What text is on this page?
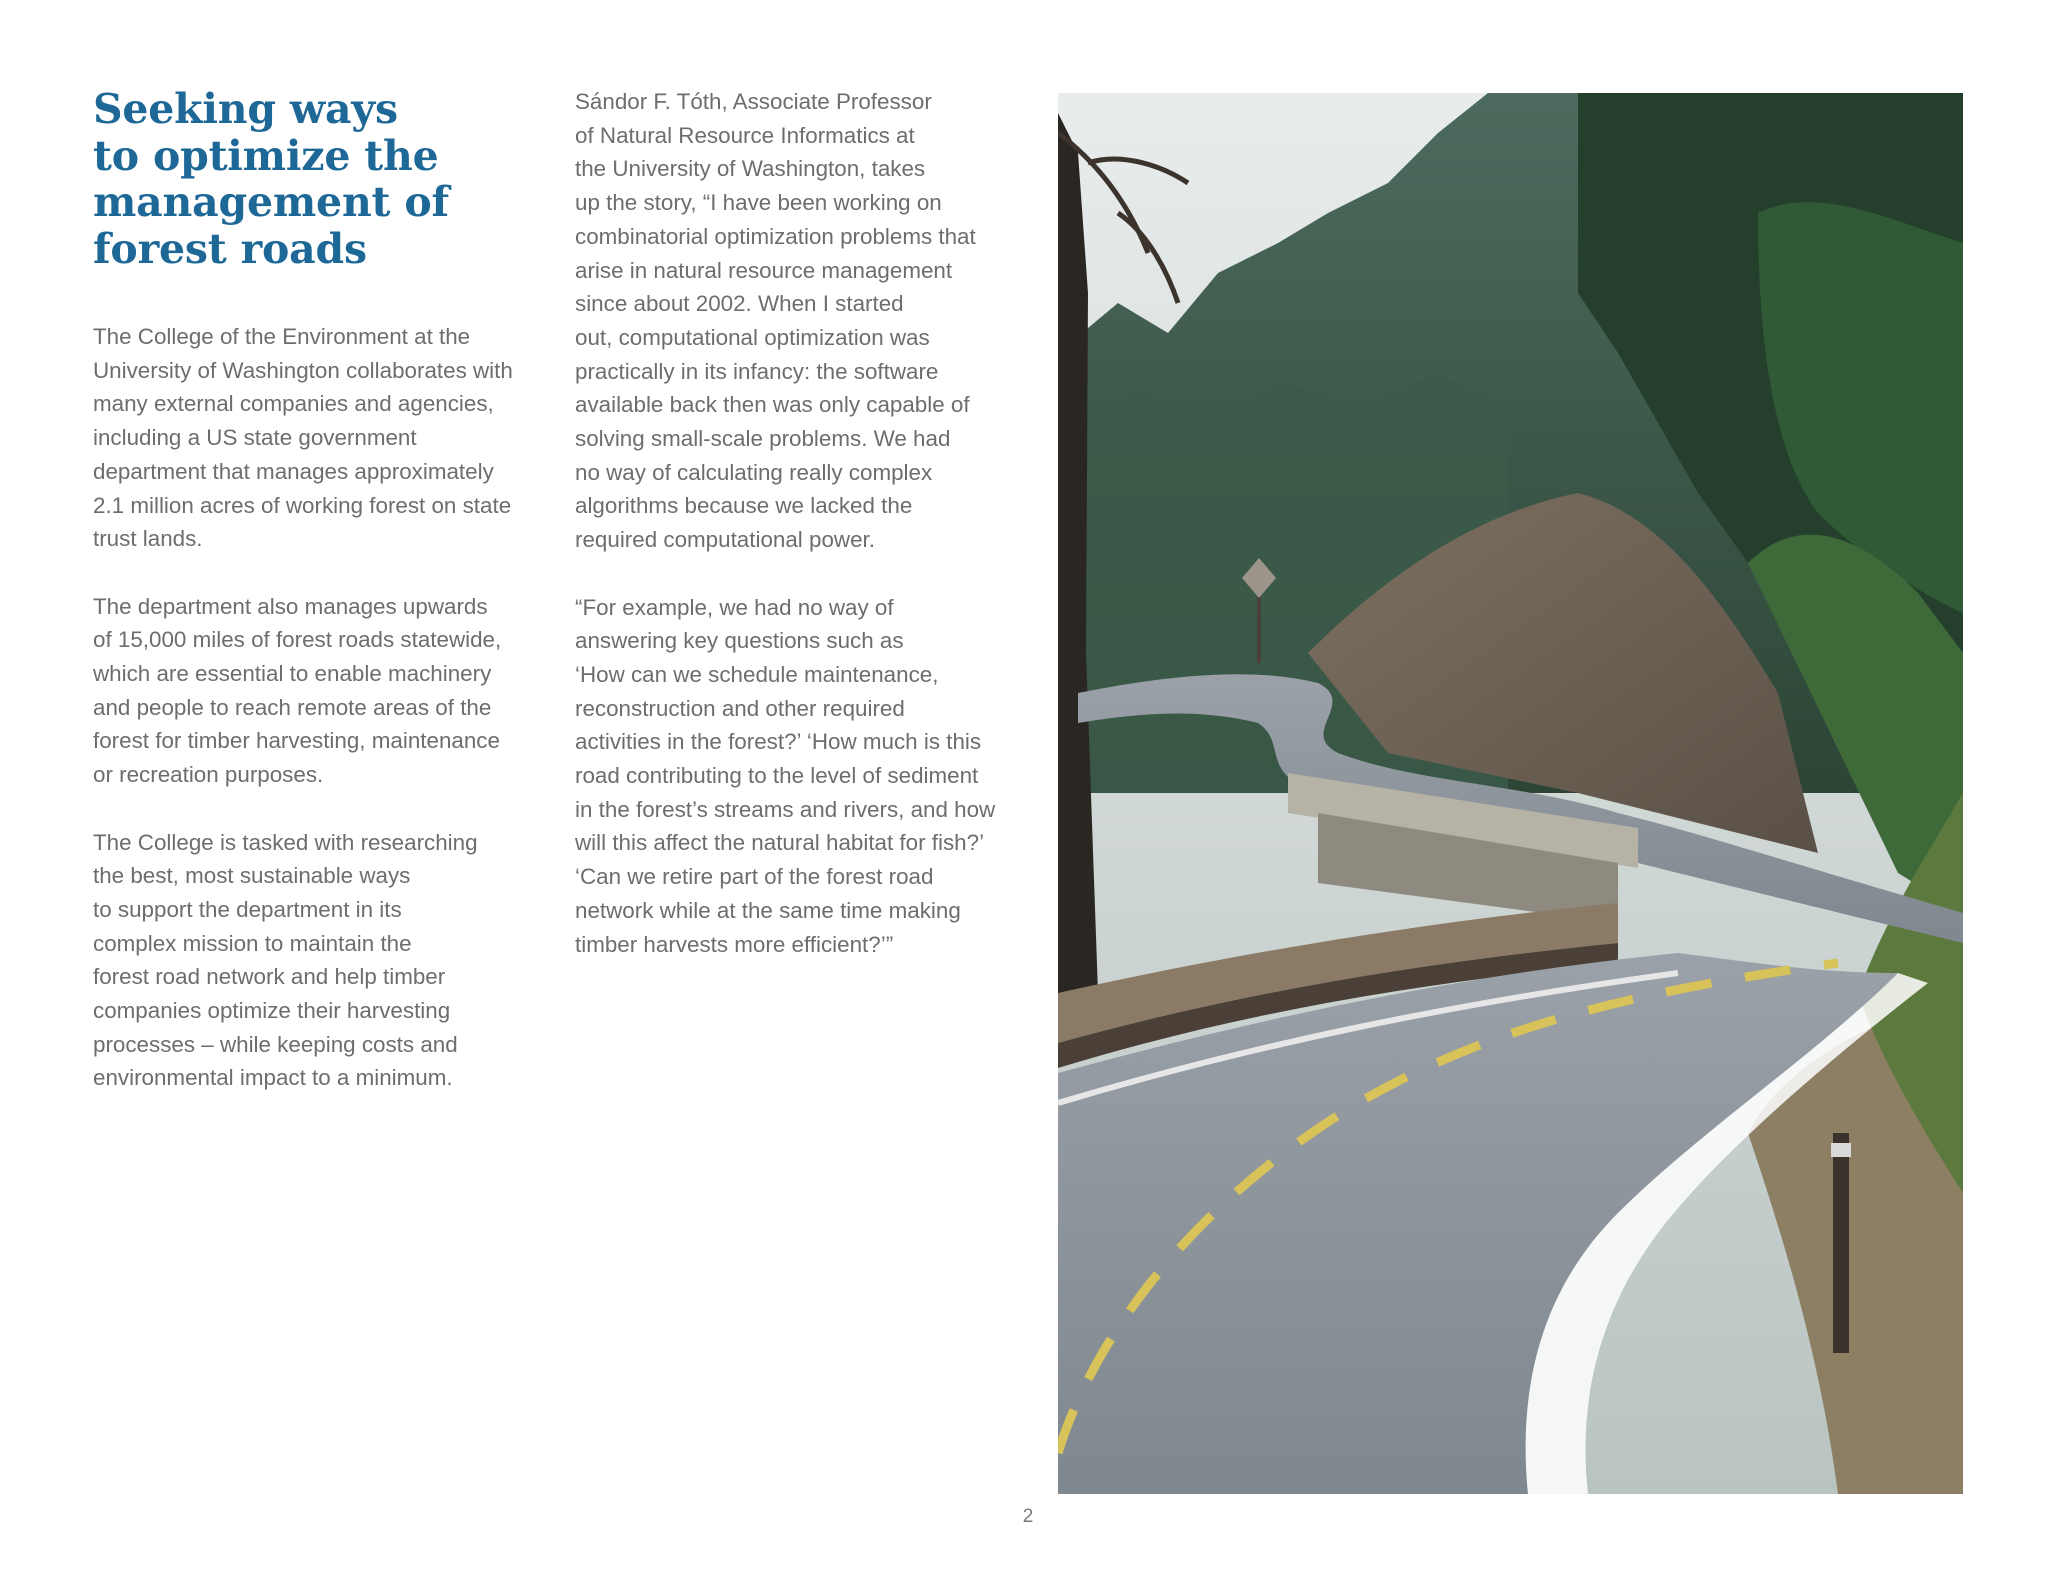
Seeking ways
to optimize the
management of
forest roads

The College of the Environment at the
University of Washington collaborates with
many external companies and agencies,
including a US state government
department that manages approximately
2.1 million acres of working forest on state
trust lands.

The department also manages upwards
of 15,000 miles of forest roads statewide,
which are essential to enable machinery
and people to reach remote areas of the
forest for timber harvesting, maintenance
or recreation purposes.

The College is tasked with researching
the best, most sustainable ways
to support the department in its
complex mission to maintain the
forest road network and help timber
companies optimize their harvesting
processes – while keeping costs and
environmental impact to a minimum.

Sándor F. Tóth, Associate Professor
of Natural Resource Informatics at
the University of Washington, takes
up the story, “I have been working on
combinatorial optimization problems that
arise in natural resource management
since about 2002. When I started
out, computational optimization was
practically in its infancy: the software
available back then was only capable of
solving small-scale problems. We had
no way of calculating really complex
algorithms because we lacked the
required computational power.

“For example, we had no way of
answering key questions such as
‘How can we schedule maintenance,
reconstruction and other required
activities in the forest?’ ‘How much is this
road contributing to the level of sediment
in the forest’s streams and rivers, and how
will this affect the natural habitat for fish?’
‘Can we retire part of the forest road
network while at the same time making
timber harvests more efficient?’”

2
